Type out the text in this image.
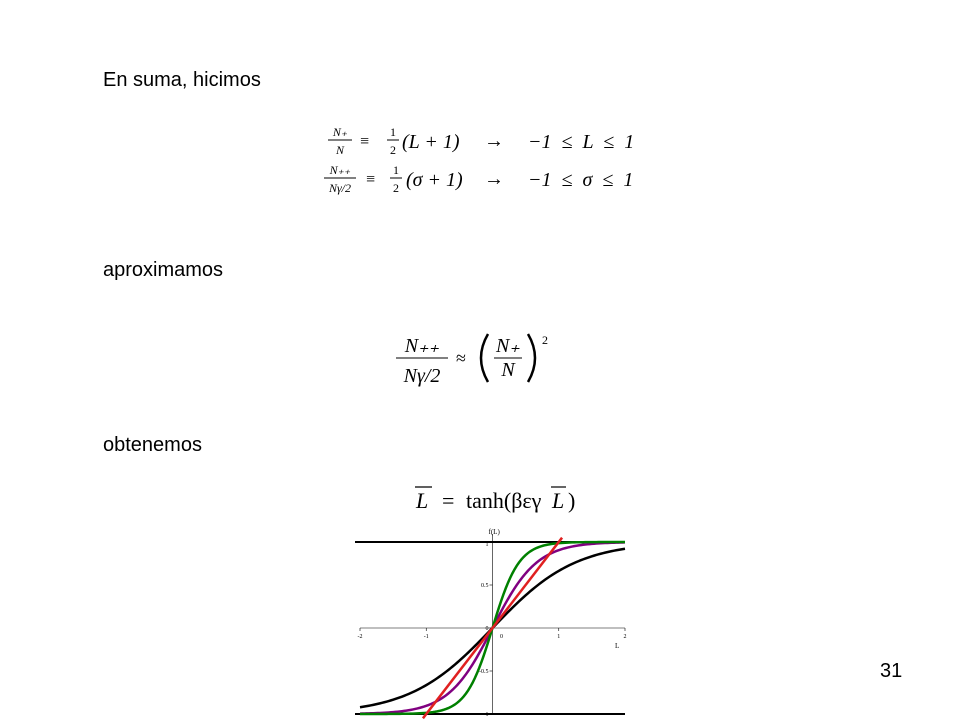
En suma, hicimos
N₊
N ≡
1
2 (L + 1) → −1  ≤  L  ≤  1
N₊₊
Nγ/2 ≡
1
2 (σ + 1) → −1  ≤  σ  ≤  1
aproximamos
N₊₊
Nγ/2
≈
N₊
N
2
obtenemos
L = tanh(βεγ L )
-2	-1	0	1	2
1
0.5
0
-0.5
-1
f(L)
L
31
